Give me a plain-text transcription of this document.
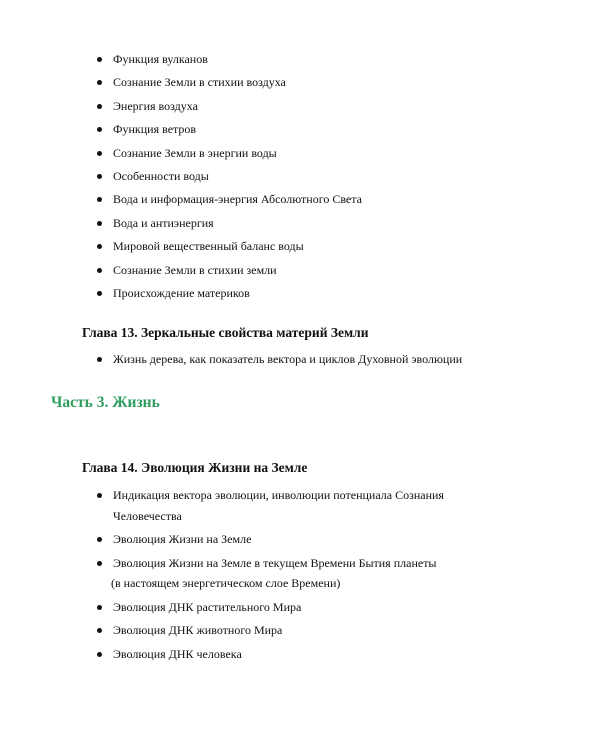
Функция вулканов
Сознание Земли в стихии воздуха
Энергия воздуха
Функция ветров
Сознание Земли в энергии воды
Особенности воды
Вода и информация-энергия Абсолютного Света
Вода и антиэнергия
Мировой вещественный баланс воды
Сознание Земли в стихии земли
Происхождение материков
Глава 13. Зеркальные свойства материй Земли
Жизнь дерева, как показатель вектора и циклов Духовной эволюции
Часть 3. Жизнь
Глава 14. Эволюция Жизни на Земле
Индикация вектора эволюции, инволюции потенциала Сознания
Человечества
Эволюция Жизни на Земле
Эволюция Жизни на Земле в текущем Времени Бытия планеты
(в настоящем энергетическом слое Времени)
Эволюция ДНК растительного Мира
Эволюция ДНК животного Мира
Эволюция ДНК человека
